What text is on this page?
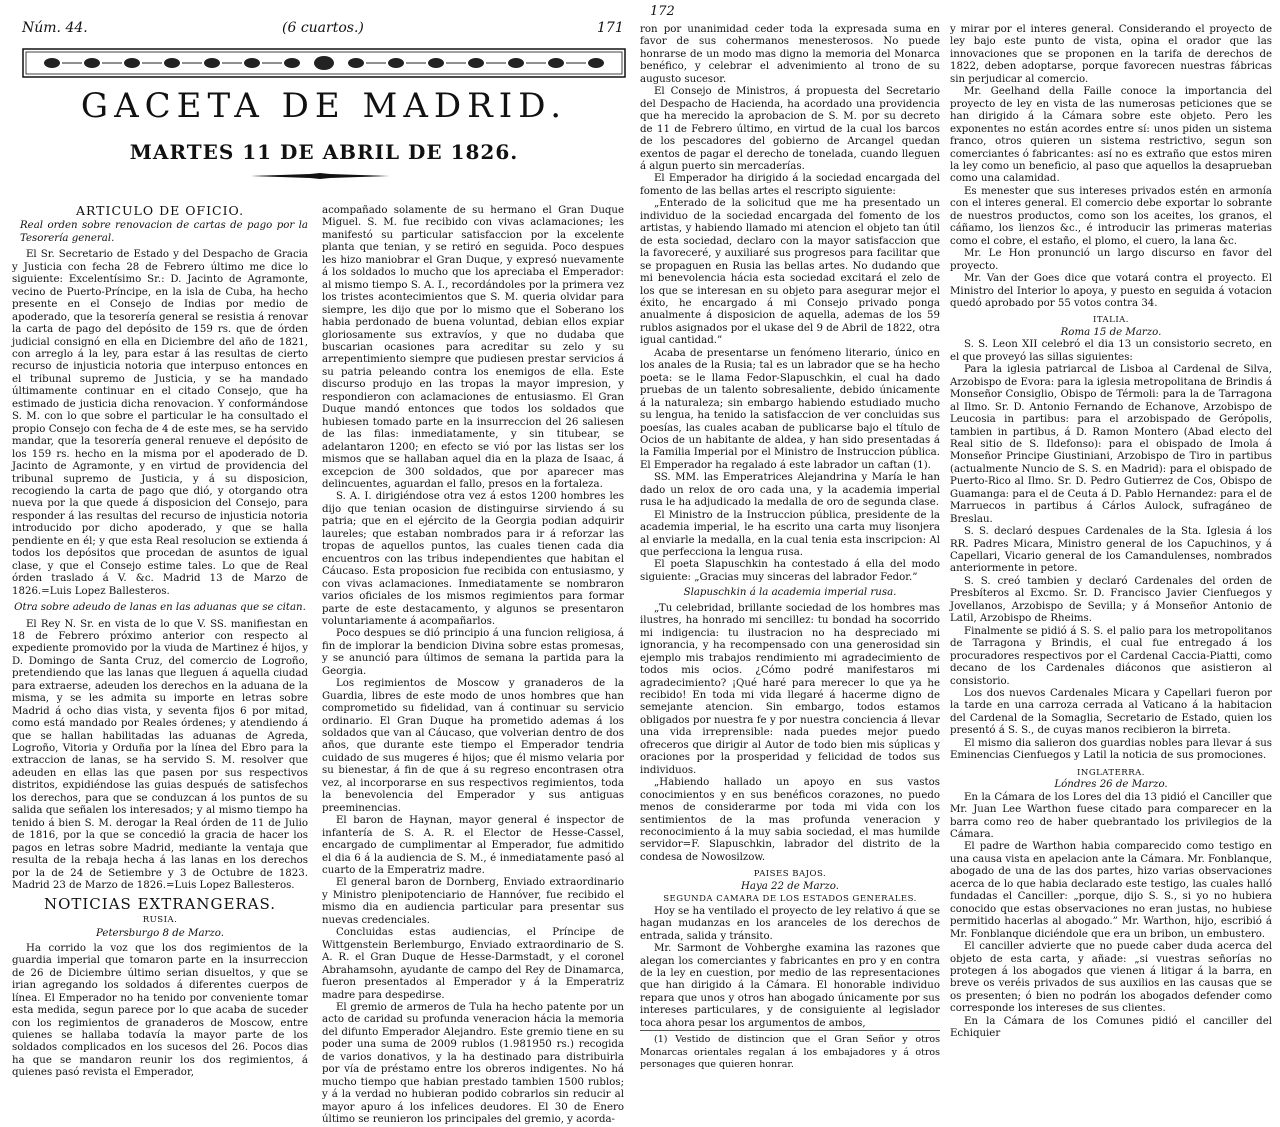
Núm. 44.	(6 cuartos.)	171
GACETA DE MADRID.
MARTES 11 DE ABRIL DE 1826.

ARTICULO DE OFICIO.

Real orden sobre renovacion de cartas de pago por la Tesorería general.

El Sr. Secretario de Estado y del Despacho de Gracia y Justicia con fecha 28 de Febrero último me dice lo siguiente: Excelentísimo Sr.: D. Jacinto de Agramonte, vecino de Puerto-Príncipe, en la isla de Cuba, ha hecho presente en el Consejo de Indias por medio de apoderado, que la tesorería general se resistia á renovar la carta de pago del depósito de 159 rs. que de órden judicial consignó en ella en Diciembre del año de 1821, con arreglo á la ley, para estar á las resultas de cierto recurso de injusticia notoria que interpuso entonces en el tribunal supremo de Justicia, y se ha mandado últimamente continuar en el citado Consejo, que ha estimado de justicia dicha renovacion. Y conformándose S. M. con lo que sobre el particular le ha consultado el propio Consejo con fecha de 4 de este mes, se ha servido mandar, que la tesorería general renueve el depósito de los 159 rs. hecho en la misma por el apoderado de D. Jacinto de Agramonte, y en virtud de providencia del tribunal supremo de Justicia, y á su disposicion, recogiendo la carta de pago que dió, y otorgando otra nueva por la que quede á disposicion del Consejo, para responder á las resultas del recurso de injusticia notoria introducido por dicho apoderado, y que se halla pendiente en él; y que esta Real resolucion se extienda á todos los depósitos que procedan de asuntos de igual clase, y que el Consejo estime tales. Lo que de Real órden traslado á V. &c. Madrid 13 de Marzo de 1826.=Luis Lopez Ballesteros.

Otra sobre adeudo de lanas en las aduanas que se citan.

El Rey N. Sr. en vista de lo que V. SS. manifiestan en 18 de Febrero próximo anterior con respecto al expediente promovido por la viuda de Martinez é hijos, y D. Domingo de Santa Cruz, del comercio de Logroño, pretendiendo que las lanas que lleguen á aquella ciudad para extraerse, adeuden los derechos en la aduana de la misma, y se les admita su importe en letras sobre Madrid á ocho dias vista, y seventa fijos 6 por mitad, como está mandado por Reales órdenes; y atendiendo á que se hallan habilitadas las aduanas de Agreda, Logroño, Vitoria y Orduña por la línea del Ebro para la extraccion de lanas, se ha servido S. M. resolver que adeuden en ellas las que pasen por sus respectivos distritos, expidiéndose las guias después de satisfechos los derechos, para que se conduzcan á los puntos de su salida que señalen los interesados; y al mismo tiempo ha tenido á bien S. M. derogar la Real órden de 11 de Julio de 1816, por la que se concedió la gracia de hacer los pagos en letras sobre Madrid, mediante la ventaja que resulta de la rebaja hecha á las lanas en los derechos por la de 24 de Setiembre y 3 de Octubre de 1823. Madrid 23 de Marzo de 1826.=Luis Lopez Ballesteros.

NOTICIAS EXTRANGERAS.

RUSIA.

Petersburgo 8 de Marzo.

Ha corrido la voz que los dos regimientos de la guardia imperial que tomaron parte en la insurreccion de 26 de Diciembre último serian disueltos, y que se irian agregando los soldados á diferentes cuerpos de línea. El Emperador no ha tenido por conveniente tomar esta medida, segun parece por lo que acaba de suceder con los regimientos de granaderos de Moscow, entre quienes se hallaba todavía la mayor parte de los soldados complicados en los sucesos del 26. Pocos dias ha que se mandaron reunir los dos regimientos, á quienes pasó revista el Emperador,

acompañado solamente de su hermano el Gran Duque Miguel. S. M. fue recibido con vivas aclamaciones; les manifestó su particular satisfaccion por la excelente planta que tenian, y se retiró en seguida. Poco despues les hizo maniobrar el Gran Duque, y expresó nuevamente á los soldados lo mucho que los apreciaba el Emperador: al mismo tiempo S. A. I., recordándoles por la primera vez los tristes acontecimientos que S. M. queria olvidar para siempre, les dijo que por lo mismo que el Soberano los habia perdonado de buena voluntad, debian ellos expiar gloriosamente sus extravíos, y que no dudaba que buscarian ocasiones para acreditar su zelo y su arrepentimiento siempre que pudiesen prestar servicios á su patria peleando contra los enemigos de ella. Este discurso produjo en las tropas la mayor impresion, y respondieron con aclamaciones de entusiasmo. El Gran Duque mandó entonces que todos los soldados que hubiesen tomado parte en la insurreccion del 26 saliesen de las filas: inmediatamente, y sin titubear, se adelantaron 1200; en efecto se vió por las listas ser los mismos que se hallaban aquel dia en la plaza de Isaac, á excepcion de 300 soldados, que por aparecer mas delincuentes, aguardan el fallo, presos en la fortaleza.

S. A. I. dirigiéndose otra vez á estos 1200 hombres les dijo que tenian ocasion de distinguirse sirviendo á su patria; que en el ejército de la Georgia podian adquirir laureles; que estaban nombrados para ir á reforzar las tropas de aquellos puntos, las cuales tienen cada dia encuentros con las tribus independientes que habitan el Cáucaso. Esta proposicion fue recibida con entusiasmo, y con vivas aclamaciones. Inmediatamente se nombraron varios oficiales de los mismos regimientos para formar parte de este destacamento, y algunos se presentaron voluntariamente á acompañarlos.

Poco despues se dió principio á una funcion religiosa, á fin de implorar la bendicion Divina sobre estas promesas, y se anunció para últimos de semana la partida para la Georgia.

Los regimientos de Moscow y granaderos de la Guardia, libres de este modo de unos hombres que han comprometido su fidelidad, van á continuar su servicio ordinario. El Gran Duque ha prometido ademas á los soldados que van al Cáucaso, que volverian dentro de dos años, que durante este tiempo el Emperador tendria cuidado de sus mugeres é hijos; que él mismo velaria por su bienestar, á fin de que á su regreso encontrasen otra vez, al incorporarse en sus respectivos regimientos, toda la benevolencia del Emperador y sus antiguas preeminencias.

El baron de Haynan, mayor general é inspector de infantería de S. A. R. el Elector de Hesse-Cassel, encargado de cumplimentar al Emperador, fue admitido el dia 6 á la audiencia de S. M., é inmediatamente pasó al cuarto de la Emperatriz madre.

El general baron de Dornberg, Enviado extraordinario y Ministro plenipotenciario de Hannóver, fue recibido el mismo dia en audiencia particular para presentar sus nuevas credenciales.

Concluidas estas audiencias, el Príncipe de Wittgenstein Berlemburgo, Enviado extraordinario de S. A. R. el Gran Duque de Hesse-Darmstadt, y el coronel Abrahamsohn, ayudante de campo del Rey de Dinamarca, fueron presentados al Emperador y á la Emperatriz madre para despedirse.

El gremio de armeros de Tula ha hecho patente por un acto de caridad su profunda veneracion hácia la memoria del difunto Emperador Alejandro. Este gremio tiene en su poder una suma de 2009 rublos (1.981950 rs.) recogida de varios donativos, y la ha destinado para distribuirla por vía de préstamo entre los obreros indigentes. No há mucho tiempo que habian prestado tambien 1500 rublos; y á la verdad no hubieran podido cobrarlos sin reducir al mayor apuro á los infelices deudores. El 30 de Enero último se reunieron los principales del gremio, y acorda-

172

ron por unanimidad ceder toda la expresada suma en favor de sus cohermanos menesterosos. No puede honrarse de un modo mas digno la memoria del Monarca benéfico, y celebrar el advenimiento al trono de su augusto sucesor.

El Consejo de Ministros, á propuesta del Secretario del Despacho de Hacienda, ha acordado una providencia que ha merecido la aprobacion de S. M. por su decreto de 11 de Febrero último, en virtud de la cual los barcos de los pescadores del gobierno de Arcangel quedan exentos de pagar el derecho de tonelada, cuando lleguen á algun puerto sin mercaderías.

El Emperador ha dirigido á la sociedad encargada del fomento de las bellas artes el rescripto siguiente:

„Enterado de la solicitud que me ha presentado un individuo de la sociedad encargada del fomento de los artistas, y habiendo llamado mi atencion el objeto tan útil de esta sociedad, declaro con la mayor satisfaccion que la favoreceré, y auxiliaré sus progresos para facilitar que se propaguen en Rusia las bellas artes. No dudando que mi benevolencia hácia esta sociedad excitará el zelo de los que se interesan en su objeto para asegurar mejor el éxito, he encargado á mi Consejo privado ponga anualmente á disposicion de aquella, ademas de los 59 rublos asignados por el ukase del 9 de Abril de 1822, otra igual cantidad.”

Acaba de presentarse un fenómeno literario, único en los anales de la Rusia; tal es un labrador que se ha hecho poeta: se le llama Fedor-Slapuschkin, el cual ha dado pruebas de un talento sobresaliente, debido únicamente á la naturaleza; sin embargo habiendo estudiado mucho su lengua, ha tenido la satisfaccion de ver concluidas sus poesías, las cuales acaban de publicarse bajo el título de Ocios de un habitante de aldea, y han sido presentadas á la Familia Imperial por el Ministro de Instruccion pública. El Emperador ha regalado á este labrador un caftan (1).

SS. MM. las Emperatrices Alejandrina y María le han dado un relox de oro cada una, y la academia imperial rusa le ha adjudicado la medalla de oro de segunda clase.

El Ministro de la Instruccion pública, presidente de la academia imperial, le ha escrito una carta muy lisonjera al enviarle la medalla, en la cual tenia esta inscripcion: Al que perfecciona la lengua rusa.

El poeta Slapuschkin ha contestado á ella del modo siguiente: „Gracias muy sinceras del labrador Fedor.”

Slapuschkin á la academia imperial rusa.

„Tu celebridad, brillante sociedad de los hombres mas ilustres, ha honrado mi sencillez: tu bondad ha socorrido mi indigencia: tu ilustracion no ha despreciado mi ignorancia, y ha recompensado con una generosidad sin ejemplo mis trabajos rendimiento mi agradecimiento de todos mis ocios. ¿Cómo podré manifestaros mi agradecimiento? ¡Qué haré para merecer lo que ya he recibido! En toda mi vida llegaré á hacerme digno de semejante atencion. Sin embargo, todos estamos obligados por nuestra fe y por nuestra conciencia á llevar una vida irreprensible: nada puedes mejor puedo ofreceros que dirigir al Autor de todo bien mis súplicas y oraciones por la prosperidad y felicidad de todos sus individuos.

„Habiendo hallado un apoyo en sus vastos conocimientos y en sus benéficos corazones, no puedo menos de considerarme por toda mi vida con los sentimientos de la mas profunda veneracion y reconocimiento á la muy sabia sociedad, el mas humilde servidor=F. Slapuschkin, labrador del distrito de la condesa de Nowosilzow.

PAISES BAJOS.

Haya 22 de Marzo.

SEGUNDA CAMARA DE LOS ESTADOS GENERALES.

Hoy se ha ventilado el proyecto de ley relativo á que se hagan mudanzas en los aranceles de los derechos de entrada, salida y tránsito.

Mr. Sarmont de Vohberghe examina las razones que alegan los comerciantes y fabricantes en pro y en contra de la ley en cuestion, por medio de las representaciones que han dirigido á la Cámara. El honorable individuo repara que unos y otros han abogado únicamente por sus intereses particulares, y de consiguiente al legislador toca ahora pesar los argumentos de ambos,

(1) Vestido de distincion que el Gran Señor y otros Monarcas orientales regalan á los embajadores y á otros personages que quieren honrar.

y mirar por el interes general. Considerando el proyecto de ley bajo este punto de vista, opina el orador que las innovaciones que se proponen en la tarifa de derechos de 1822, deben adoptarse, porque favorecen nuestras fábricas sin perjudicar al comercio.

Mr. Geelhand della Faille conoce la importancia del proyecto de ley en vista de las numerosas peticiones que se han dirigido á la Cámara sobre este objeto. Pero les exponentes no están acordes entre sí: unos piden un sistema franco, otros quieren un sistema restrictivo, segun son comerciantes ó fabricantes: así no es extraño que estos miren la ley como un beneficio, al paso que aquellos la desaprueban como una calamidad.

Es menester que sus intereses privados estén en armonía con el interes general. El comercio debe exportar lo sobrante de nuestros productos, como son los aceites, los granos, el cáñamo, los lienzos &c., é introducir las primeras materias como el cobre, el estaño, el plomo, el cuero, la lana &c.

Mr. Le Hon pronunció un largo discurso en favor del proyecto.

Mr. Van der Goes dice que votará contra el proyecto. El Ministro del Interior lo apoya, y puesto en seguida á votacion quedó aprobado por 55 votos contra 34.

ITALIA.

Roma 15 de Marzo.

S. S. Leon XII celebró el dia 13 un consistorio secreto, en el que proveyó las sillas siguientes:

Para la iglesia patriarcal de Lisboa al Cardenal de Silva, Arzobispo de Evora: para la iglesia metropolitana de Brindis á Monseñor Consiglio, Obispo de Térmoli: para la de Tarragona al Ilmo. Sr. D. Antonio Fernando de Echanove, Arzobispo de Leucosia in partibus: para el arzobispado de Gerópolis, tambien in partibus, á D. Ramon Montero (Abad electo del Real sitio de S. Ildefonso): para el obispado de Imola á Monseñor Principe Giustiniani, Arzobispo de Tiro in partibus (actualmente Nuncio de S. S. en Madrid): para el obispado de Puerto-Rico al Ilmo. Sr. D. Pedro Gutierrez de Cos, Obispo de Guamanga: para el de Ceuta á D. Pablo Hernandez: para el de Marruecos in partibus á Cárlos Aulock, sufragáneo de Breslau.

S. S. declaró despues Cardenales de la Sta. Iglesia á los RR. Padres Micara, Ministro general de los Capuchinos, y á Capellari, Vicario general de los Camandulenses, nombrados anteriormente in petore.

S. S. creó tambien y declaró Cardenales del orden de Presbíteros al Excmo. Sr. D. Francisco Javier Cienfuegos y Jovellanos, Arzobispo de Sevilla; y á Monseñor Antonio de Latil, Arzobispo de Rheims.

Finalmente se pidió á S. S. el palio para los metropolitanos de Tarragona y Brindis, el cual fue entregado á los procuradores respectivos por el Cardenal Caccia-Piatti, como decano de los Cardenales diáconos que asistieron al consistorio.

Los dos nuevos Cardenales Micara y Capellari fueron por la tarde en una carroza cerrada al Vaticano á la habitacion del Cardenal de la Somaglia, Secretario de Estado, quien los presentó á S. S., de cuyas manos recibieron la birreta.

El mismo dia salieron dos guardias nobles para llevar á sus Eminencias Cienfuegos y Latil la noticia de sus promociones.

INGLATERRA.

Lóndres 26 de Marzo.

En la Cámara de los Lores del dia 13 pidió el Canciller que Mr. Juan Lee Warthon fuese citado para comparecer en la barra como reo de haber quebrantado los privilegios de la Cámara.

El padre de Warthon habia comparecido como testigo en una causa vista en apelacion ante la Cámara. Mr. Fonblanque, abogado de una de las dos partes, hizo varias observaciones acerca de lo que habia declarado este testigo, las cuales halló fundadas el Canciller: „porque, dijo S. S., si yo no hubiera conocido que estas observaciones no eran justas, no hubiese permitido hacerlas al abogado.” Mr. Warthon, hijo, escribió á Mr. Fonblanque diciéndole que era un bribon, un embustero.

El canciller advierte que no puede caber duda acerca del objeto de esta carta, y añade: „si vuestras señorías no protegen á los abogados que vienen á litigar á la barra, en breve os veréis privados de sus auxilios en las causas que se os presenten; ó bien no podrán los abogados defender como corresponde los intereses de sus clientes.

En la Cámara de los Comunes pidió el canciller del Echiquier
